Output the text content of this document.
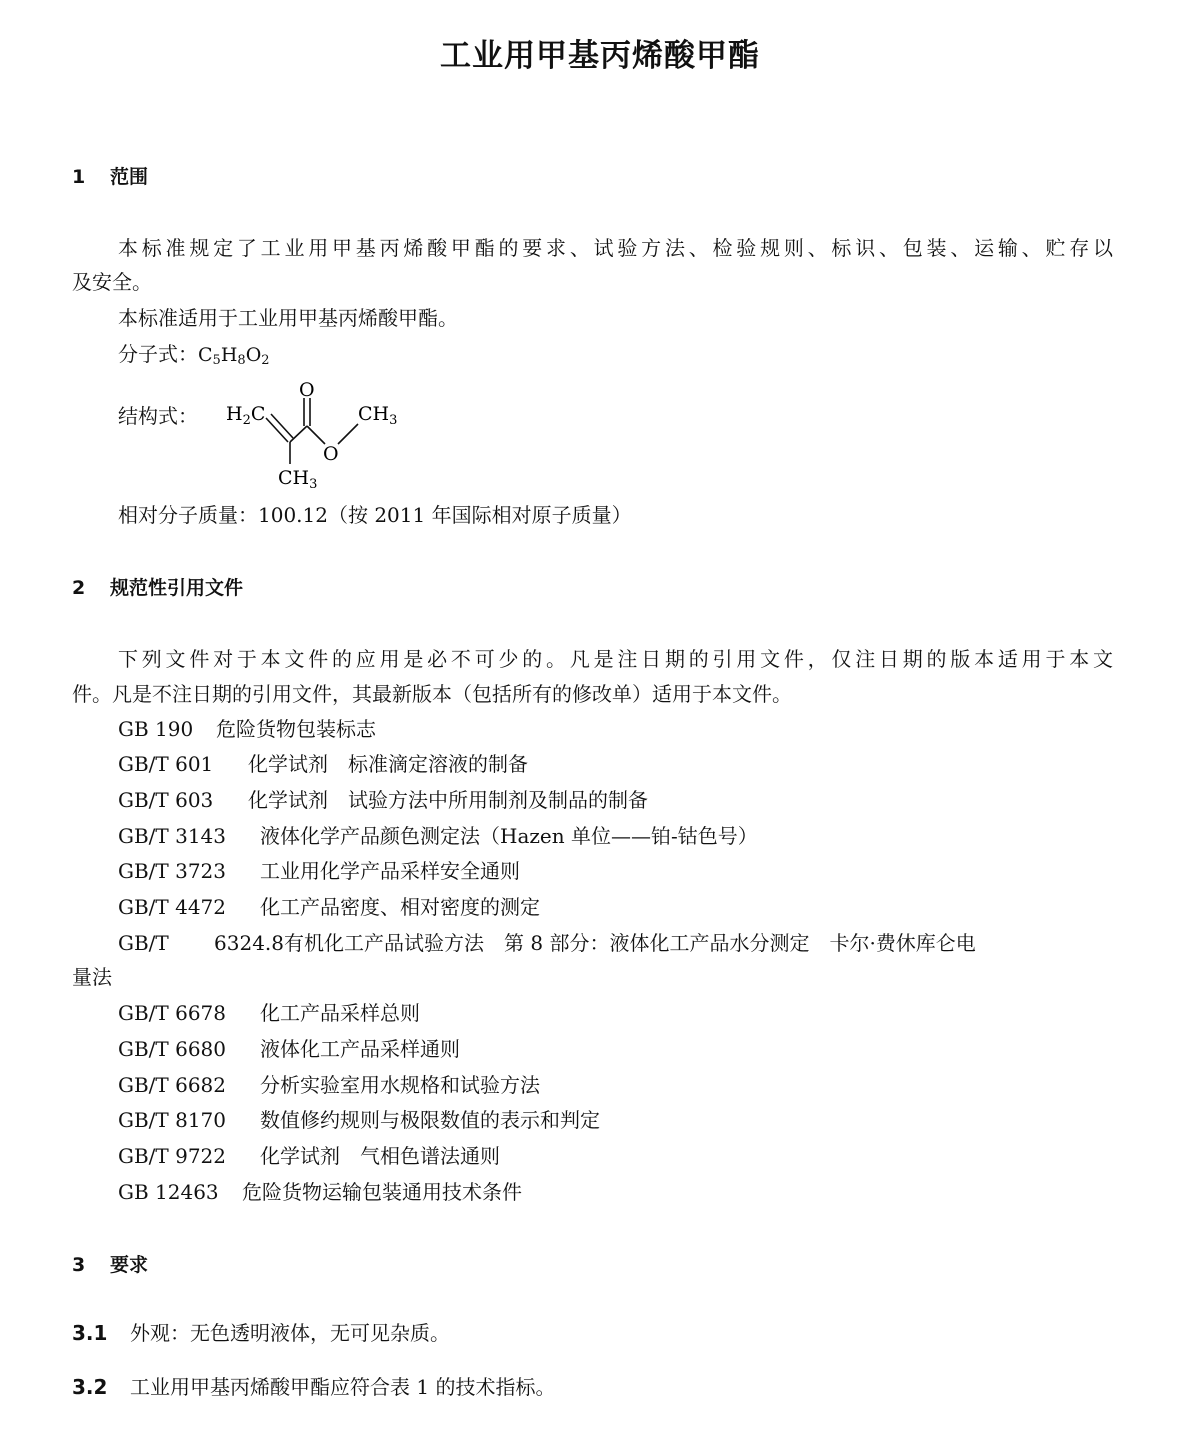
工业用甲基丙烯酸甲酯
1 范围
本标准规定了工业用甲基丙烯酸甲酯的要求、试验方法、检验规则、标识、包装、运输、贮存以
及安全。
本标准适用于工业用甲基丙烯酸甲酯。
分子式：$C_5H_8O_2$
结构式：
O
$H_2C$	$CH_3$
O
$CH_3$
相对分子质量：100.12（按 2011 年国际相对原子质量）
2 规范性引用文件
下列文件对于本文件的应用是必不可少的。凡是注日期的引用文件，仅注日期的版本适用于本文
件。凡是不注日期的引用文件，其最新版本（包括所有的修改单）适用于本文件。
GB 190 危险货物包装标志
GB/T 601 化学试剂　标准滴定溶液的制备
GB/T 603 化学试剂　试验方法中所用制剂及制品的制备
GB/T 3143 液体化学产品颜色测定法（Hazen 单位——铂-钴色号）
GB/T 3723 工业用化学产品采样安全通则
GB/T 4472 化工产品密度、相对密度的测定
GB/T 6324.8有机化工产品试验方法　第 8 部分：液体化工产品水分测定　卡尔·费休库仑电
量法
GB/T 6678 化工产品采样总则
GB/T 6680 液体化工产品采样通则
GB/T 6682 分析实验室用水规格和试验方法
GB/T 8170 数值修约规则与极限数值的表示和判定
GB/T 9722 化学试剂　气相色谱法通则
GB 12463 危险货物运输包装通用技术条件
3 要求
3.1 外观：无色透明液体，无可见杂质。
3.2 工业用甲基丙烯酸甲酯应符合表 1 的技术指标。
